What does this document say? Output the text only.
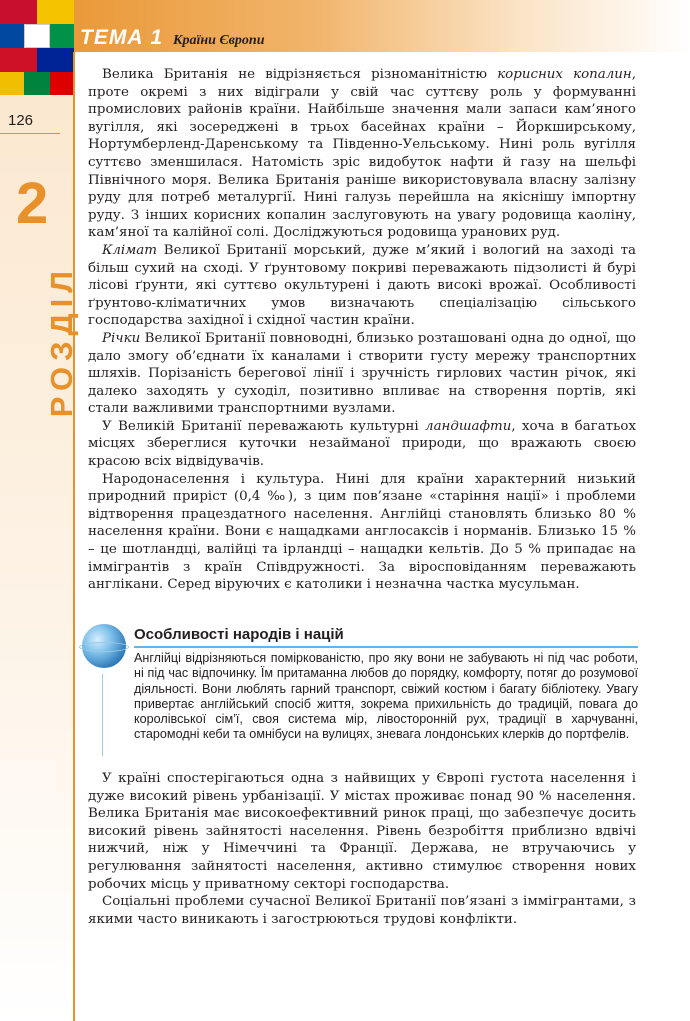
ТЕМА 1 Країни Європи
126
2
РОЗДІЛ

Велика Британія не відрізняється різноманітністю корисних копалин, проте окремі з них відіграли у свій час суттєву роль у формуванні промислових районів країни. Найбільше значення мали запаси кам’яного вугілля, які зосереджені в трьох басейнах країни – Йоркширському, Нортумберленд-Даренському та Південно-Уельському. Нині роль вугілля суттєво зменшилася. Натомість зріс видобуток нафти й газу на шельфі Північного моря. Велика Британія раніше використовувала власну залізну руду для потреб металургії. Нині галузь перейшла на якіснішу імпортну руду. З інших корисних копалин заслуговують на увагу родовища каоліну, кам’яної та калійної солі. Досліджуються родовища уранових руд.

Клімат Великої Британії морський, дуже м’який і вологий на заході та більш сухий на сході. У ґрунтовому покриві переважають підзолисті й бурі лісові ґрунти, які суттєво окультурені і дають високі врожаї. Особливості ґрунтово-кліматичних умов визначають спеціалізацію сільського господарства західної і східної частин країни.

Річки Великої Британії повноводні, близько розташовані одна до одної, що дало змогу об’єднати їх каналами і створити густу мережу транспортних шляхів. Порізаність берегової лінії і зручність гирлових частин річок, які далеко заходять у суходіл, позитивно впливає на створення портів, які стали важливими транспортними вузлами.

У Великій Британії переважають культурні ландшафти, хоча в багатьох місцях збереглися куточки незайманої природи, що вражають своєю красою всіх відвідувачів.

Народонаселення і культура. Нині для країни характерний низький природний приріст (0,4 ‰), з цим пов’язане «старіння нації» і проблеми відтворення працездатного населення. Англійці становлять близько 80 % населення країни. Вони є нащадками англосаксів і норманів. Близько 15 % – це шотландці, валійці та ірландці – нащадки кельтів. До 5 % припадає на іммігрантів з країн Співдружності. За віросповіданням переважають англікани. Серед віруючих є католики і незначна частка мусульман.

Особливості народів і націй
Англійці відрізняються поміркованістю, про яку вони не забувають ні під час роботи, ні під час відпочинку. Їм притаманна любов до порядку, комфорту, потяг до розумової діяльності. Вони люблять гарний транспорт, свіжий костюм і багату бібліотеку. Увагу привертає англійський спосіб життя, зокрема прихильність до традицій, повага до королівської сім’ї, своя система мір, лівосторонній рух, традиції в харчуванні, старомодні кеби та омнібуси на вулицях, зневага лондонських клерків до портфелів.

У країні спостерігаються одна з найвищих у Європі густота населення і дуже високий рівень урбанізації. У містах проживає понад 90 % населення. Велика Британія має високоефективний ринок праці, що забезпечує досить високий рівень зайнятості населення. Рівень безробіття приблизно вдвічі нижчий, ніж у Німеччині та Франції. Держава, не втручаючись у регулювання зайнятості населення, активно стимулює створення нових робочих місць у приватному секторі господарства.

Соціальні проблеми сучасної Великої Британії пов’язані з іммігрантами, з якими часто виникають і загострюються трудові конфлікти.
